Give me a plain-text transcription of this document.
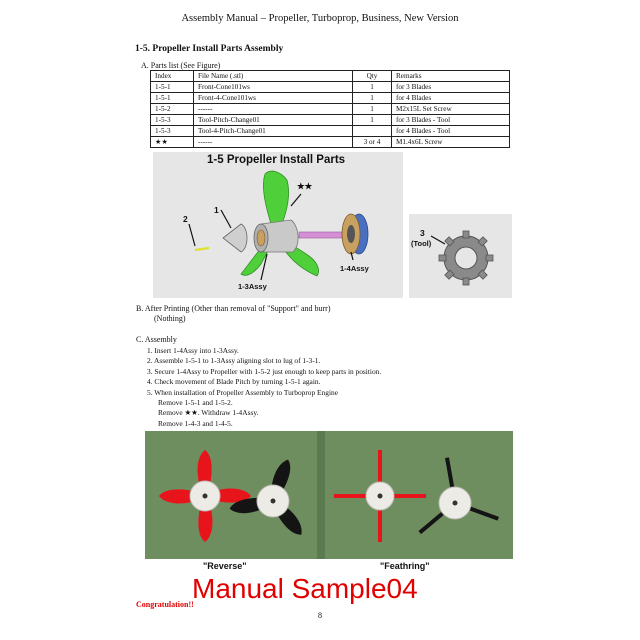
Assembly Manual – Propeller, Turboprop, Business, New Version
1-5. Propeller Install Parts Assembly
A. Parts list (See Figure)
Index	File Name (.stl)	Qty	Remarks
1-5-1	Front-Cone101ws	1	for 3 Blades
1-5-1	Front-4-Cone101ws	1	for 4 Blades
1-5-2	------	1	M2x15L Set Screw
1-5-3	Tool-Pitch-Change01	1	for 3 Blades - Tool
1-5-3	Tool-4-Pitch-Change01		for 4 Blades - Tool
★★	------	3 or 4	M1.4x6L Screw
1-5 Propeller Install Parts
1
2
★★
1-4Assy
1-3Assy
3
(Tool)
B. After Printing (Other than removal of "Support" and burr)
(Nothing)
C. Assembly
1. Insert 1-4Assy into 1-3Assy.
2. Assemble 1-5-1 to 1-3Assy aligning slot to lug of 1-3-1.
3. Secure 1-4Assy to Propeller with 1-5-2 just enough to keep parts in position.
4. Check movement of Blade Pitch by turning 1-5-1 again.
5. When installation of Propeller Assembly to Turboprop Engine
Remove 1-5-1 and 1-5-2.
Remove ★★. Withdraw 1-4Assy.
Remove 1-4-3 and 1-4-5.
"Reverse"	"Feathring"
Manual Sample04
Congratulation!!
8
